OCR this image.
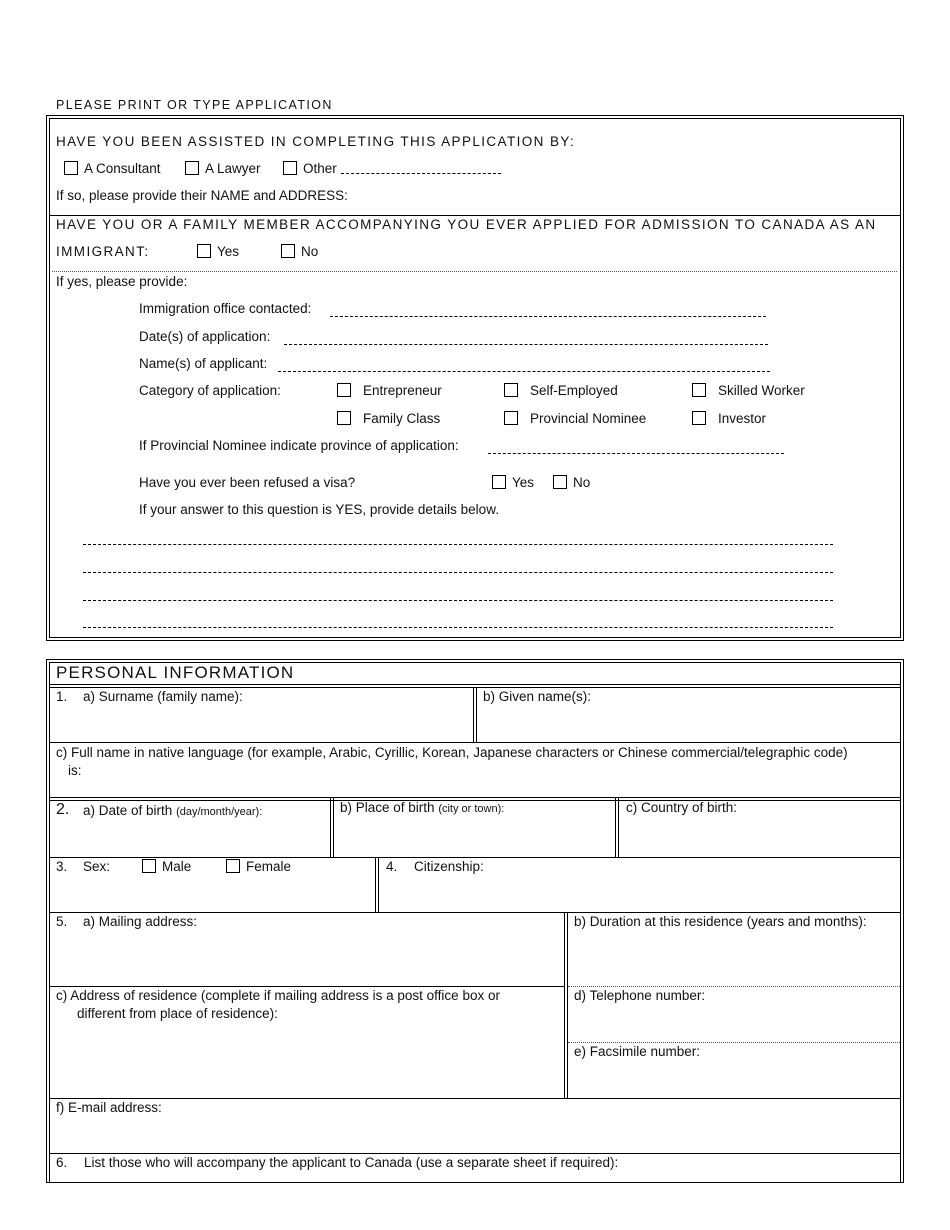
PLEASE PRINT OR TYPE APPLICATION
HAVE YOU BEEN ASSISTED IN COMPLETING THIS APPLICATION BY:
A Consultant	A Lawyer	Other
If so, please provide their NAME and ADDRESS:
HAVE YOU OR A FAMILY MEMBER ACCOMPANYING YOU EVER APPLIED FOR ADMISSION TO CANADA AS AN
IMMIGRANT:	Yes	No
If yes, please provide:
Immigration office contacted:
Date(s) of application:
Name(s) of applicant:
Category of application:	Entrepreneur	Self-Employed	Skilled Worker
Family Class	Provincial Nominee	Investor
If Provincial Nominee indicate province of application:
Have you ever been refused a visa?	Yes	No
If your answer to this question is YES, provide details below.
PERSONAL INFORMATION
1. a) Surname (family name):	b) Given name(s):
c) Full name in native language (for example, Arabic, Cyrillic, Korean, Japanese characters or Chinese commercial/telegraphic code)
is:
2. a) Date of birth (day/month/year):	b) Place of birth (city or town):	c) Country of birth:
3. Sex:	Male	Female	4. Citizenship:
5. a) Mailing address:	b) Duration at this residence (years and months):
c) Address of residence (complete if mailing address is a post office box or
different from place of residence):
d) Telephone number:
e) Facsimile number:
f) E-mail address:
6. List those who will accompany the applicant to Canada (use a separate sheet if required):
